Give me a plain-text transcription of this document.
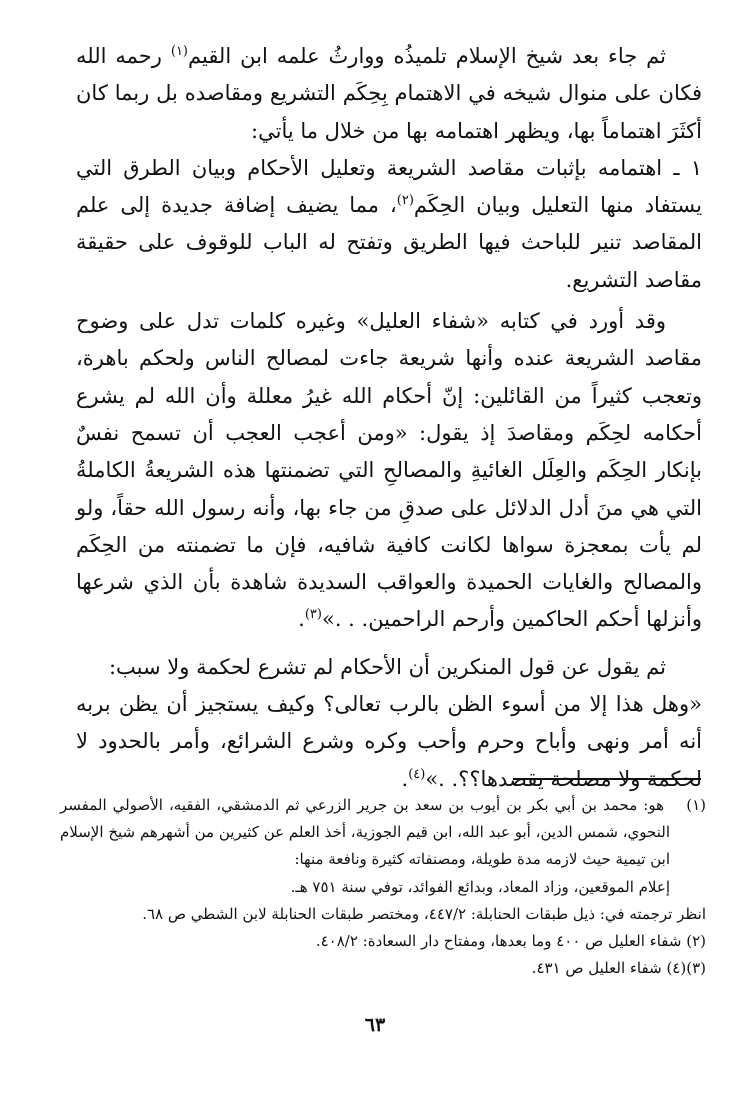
ثم جاء بعد شيخ الإسلام تلميذُه ووارثُ علمه ابن القيم$^{(١)}$ رحمه الله فكان على منوال شيخه في الاهتمام بِحِكَم التشريع ومقاصده بل ربما كان أكثَرَ اهتماماً بها، ويظهر اهتمامه بها من خلال ما يأتي:

١ ـ اهتمامه بإثبات مقاصد الشريعة وتعليل الأحكام وبيان الطرق التي يستفاد منها التعليل وبيان الحِكَم$^{(٢)}$، مما يضيف إضافة جديدة إلى علم المقاصد تنير للباحث فيها الطريق وتفتح له الباب للوقوف على حقيقة مقاصد التشريع.

وقد أورد في كتابه «شفاء العليل» وغيره كلمات تدل على وضوح مقاصد الشريعة عنده وأنها شريعة جاءت لمصالح الناس ولحكم باهرة، وتعجب كثيراً من القائلين: إنّ أحكام الله غيرُ معللة وأن الله لم يشرع أحكامه لحِكَم ومقاصدَ إذ يقول: «ومن أعجب العجب أن تسمح نفسٌ بإنكار الحِكَم والعِلَل الغائيةِ والمصالحِ التي تضمنتها هذه الشريعةُ الكاملةُ التي هي منَ أدل الدلائل على صدقِ من جاء بها، وأنه رسول الله حقاً، ولو لم يأت بمعجزة سواها لكانت كافية شافيه، فإن ما تضمنته من الحِكَم والمصالح والغايات الحميدة والعواقب السديدة شاهدة بأن الذي شرعها وأنزلها أحكم الحاكمين وأرحم الراحمين. . .»$^{(٣)}$.

ثم يقول عن قول المنكرين أن الأحكام لم تشرع لحكمة ولا سبب:

«وهل هذا إلا من أسوء الظن بالرب تعالى؟ وكيف يستجيز أن يظن بربه أنه أمر ونهى وأباح وحرم وأحب وكره وشرع الشرائع، وأمر بالحدود لا لحكمة ولا مصلحة يقصدها؟؟. .»$^{(٤)}$.

(١) هو: محمد بن أبي بكر بن أيوب بن سعد بن جرير الزرعي ثم الدمشقي، الفقيه، الأصولي المفسر النحوي، شمس الدين، أبو عبد الله، ابن قيم الجوزية، أخذ العلم عن كثيرين من أشهرهم شيخ الإسلام ابن تيمية حيث لازمه مدة طويلة، ومصنفاته كثيرة ونافعة منها:

إعلام الموقعين، وزاد المعاد، وبدائع الفوائد، توفي سنة ٧٥١ هـ.

انظر ترجمته في: ذيل طبقات الحنابلة: ٤٤٧/٢، ومختصر طبقات الحنابلة لابن الشطي ص ٦٨.

(٢) شفاء العليل ص ٤٠٠ وما بعدها، ومفتاح دار السعادة: ٤٠٨/٢.

(٣)(٤) شفاء العليل ص ٤٣١.

٦٣
